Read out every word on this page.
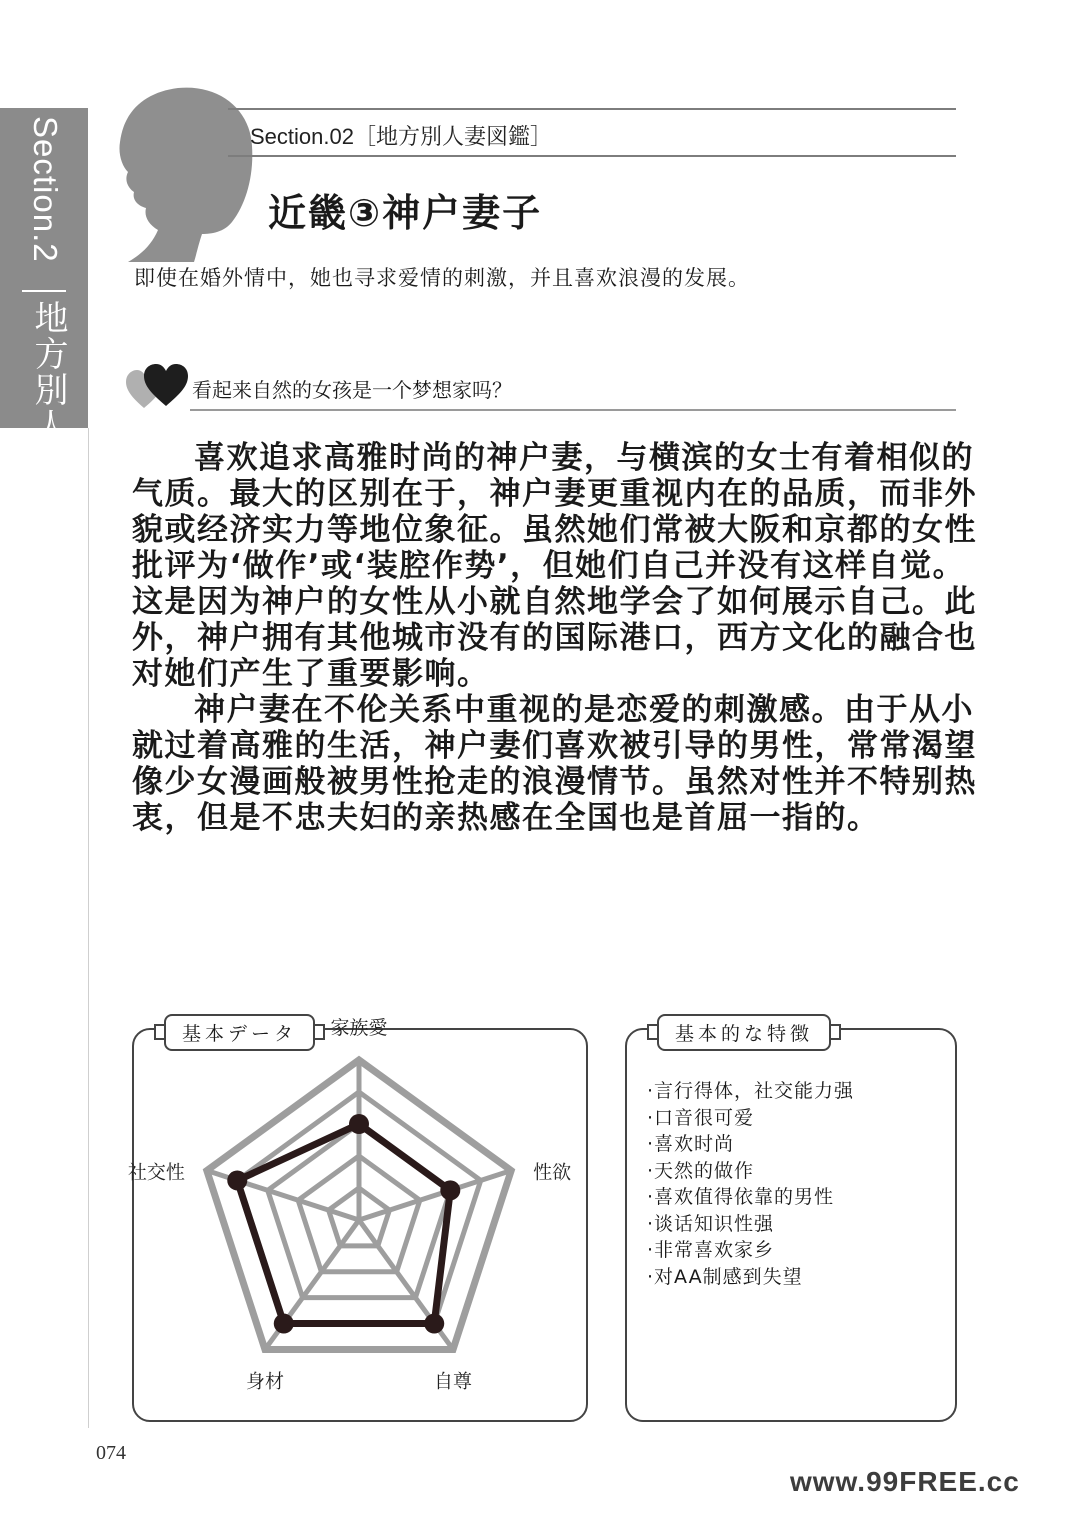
Section.2
地方別人妻図鑑
Section.02［地方別人妻図鑑］
近畿③神户妻子
即使在婚外情中，她也寻求爱情的刺激，并且喜欢浪漫的发展。
看起来自然的女孩是一个梦想家吗？

喜欢追求高雅时尚的神户妻，与横滨的女士有着相似的气质。最大的区别在于，神户妻更重视内在的品质，而非外貌或经济实力等地位象征。虽然她们常被大阪和京都的女性批评为‘做作’或‘装腔作势’，但她们自己并没有这样自觉。这是因为神户的女性从小就自然地学会了如何展示自己。此外，神户拥有其他城市没有的国际港口，西方文化的融合也对她们产生了重要影响。

神户妻在不伦关系中重视的是恋爱的刺激感。由于从小就过着高雅的生活，神户妻们喜欢被引导的男性，常常渴望像少女漫画般被男性抢走的浪漫情节。虽然对性并不特别热衷，但是不忠夫妇的亲热感在全国也是首屈一指的。

基本データ	家族愛
性欲
自尊
身材
社交性
基本的な特徴
·言行得体，社交能力强
·口音很可爱
·喜欢时尚
·天然的做作
·喜欢值得依靠的男性
·谈话知识性强
·非常喜欢家乡
·对AA制感到失望
074
www.99FREE.cc
